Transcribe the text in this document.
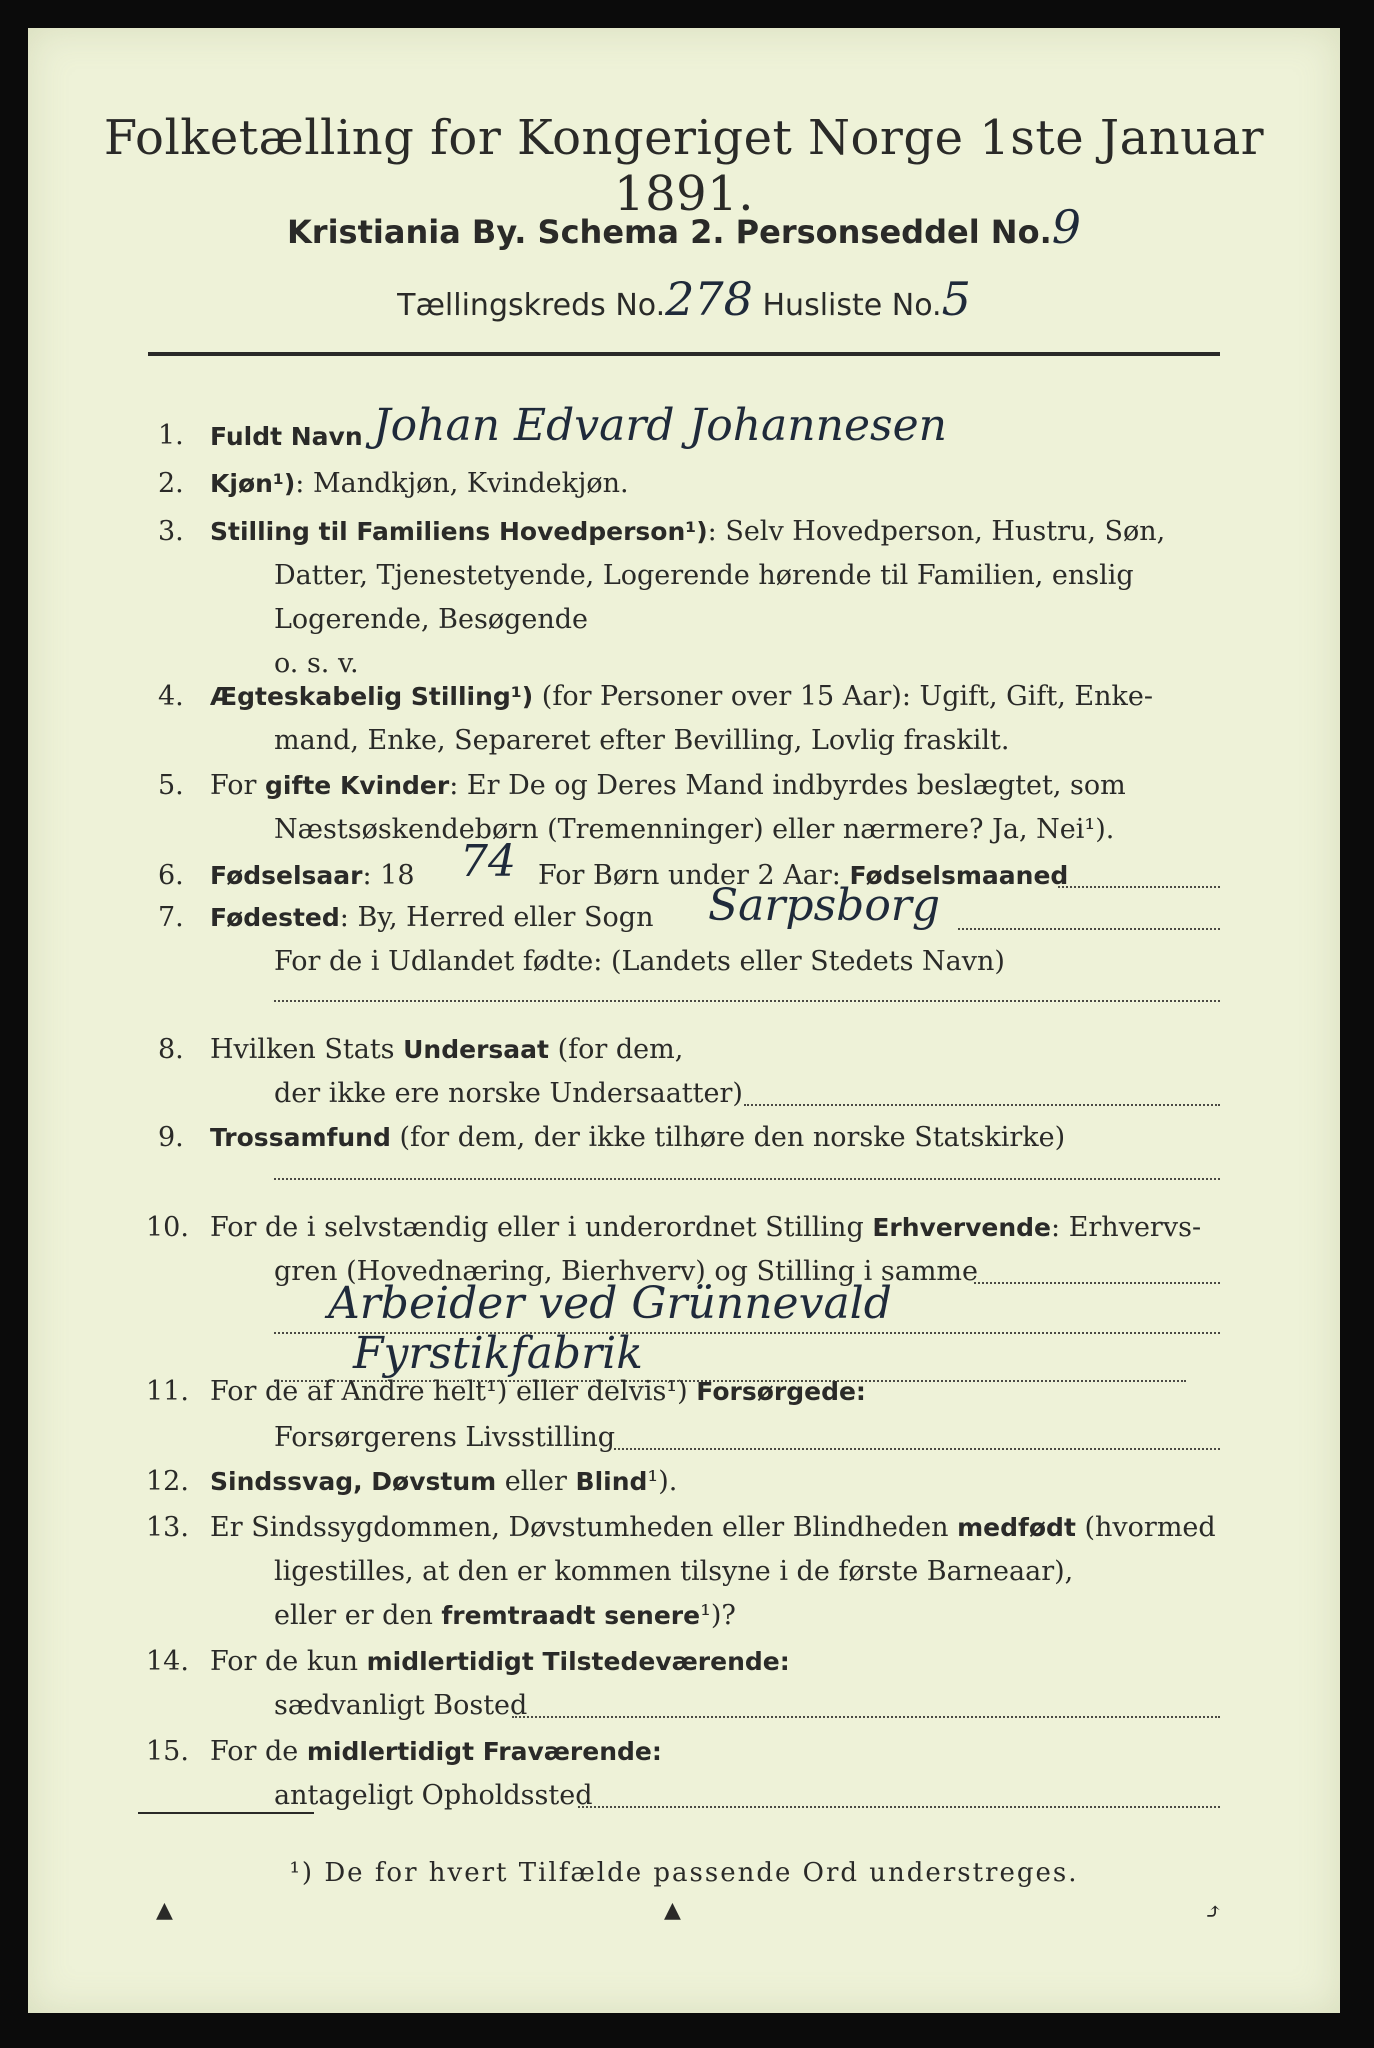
Folketælling for Kongeriget Norge 1ste Januar 1891.
Kristiania By. Schema 2. Personseddel No.9
Tællingskreds No.278 Husliste No.5
1. Fuldt Navn Johan Edvard Johannesen
2. Kjøn¹): Mandkjøn, Kvindekjøn.
3. Stilling til Familiens Hovedperson¹): Selv Hovedperson, Hustru, Søn,
Datter, Tjenestetyende, Logerende hørende til Familien, enslig
Logerende, Besøgende
o. s. v.
4. Ægteskabelig Stilling¹) (for Personer over 15 Aar): Ugift, Gift, Enke-
mand, Enke, Separeret efter Bevilling, Lovlig fraskilt.
5. For gifte Kvinder: Er De og Deres Mand indbyrdes beslægtet, som
Næstsøskendebørn (Tremenninger) eller nærmere? Ja, Nei¹).
6. Fødselsaar: 18 74 For Børn under 2 Aar: Fødselsmaaned
7. Fødested: By, Herred eller Sogn Sarpsborg
For de i Udlandet fødte: (Landets eller Stedets Navn)
8. Hvilken Stats Undersaat (for dem,
der ikke ere norske Undersaatter)
9. Trossamfund (for dem, der ikke tilhøre den norske Statskirke)
10. For de i selvstændig eller i underordnet Stilling Erhvervende: Erhvervs-
gren (Hovednæring, Bierhverv) og Stilling i samme
Arbeider ved Grünnevald
Fyrstikfabrik
11. For de af Andre helt¹) eller delvis¹) Forsørgede:
Forsørgerens Livsstilling
12. Sindssvag, Døvstum eller Blind¹).
13. Er Sindssygdommen, Døvstumheden eller Blindheden medfødt (hvormed
ligestilles, at den er kommen tilsyne i de første Barneaar),
eller er den fremtraadt senere¹)?
14. For de kun midlertidigt Tilstedeværende:
sædvanligt Bosted
15. For de midlertidigt Fraværende:
antageligt Opholdssted
¹) De for hvert Tilfælde passende Ord understreges.
▲	▲	⤴
